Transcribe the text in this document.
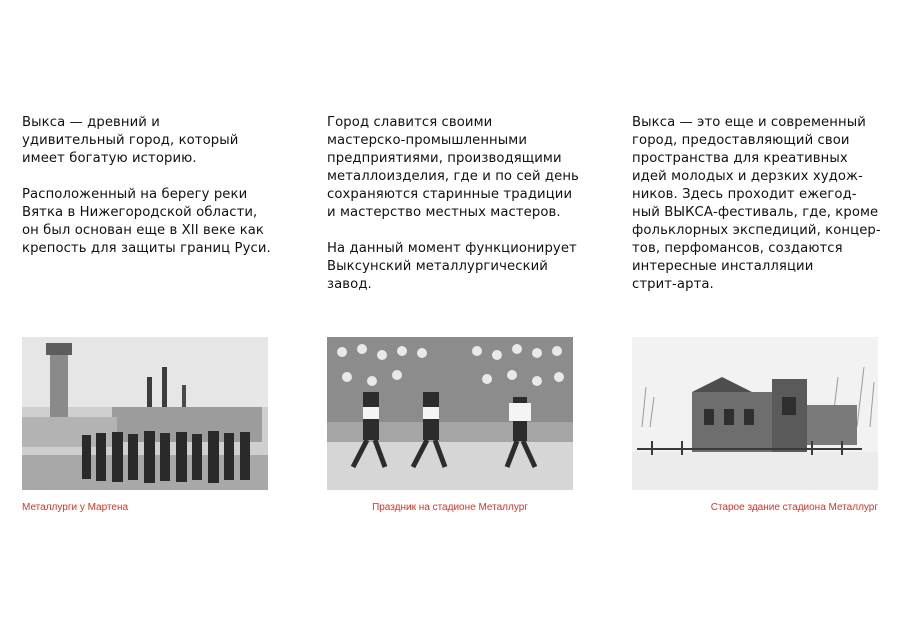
Выкса — древний и
удивительный город, который
имеет богатую историю.

Расположенный на берегу реки
Вятка в Нижегородской области,
он был основан еще в XII веке как
крепость для защиты границ Руси.

Город славится своими
мастерско-промышленными
предприятиями, производящими
металлоизделия, где и по сей день
сохраняются старинные традиции
и мастерство местных мастеров.

На данный момент функционирует
Выксунский металлургический
завод.

Выкса — это еще и современный
город, предоставляющий свои
пространства для креативных
идей молодых и дерзких худож-
ников. Здесь проходит ежегод-
ный ВЫКСА-фестиваль, где, кроме
фольклорных экспедиций, концер-
тов, перфомансов, создаются
интересные инсталляции
стрит-арта.

Металлурги у Мартена	Праздник на стадионе Металлург	Старое здание стадиона Металлург
